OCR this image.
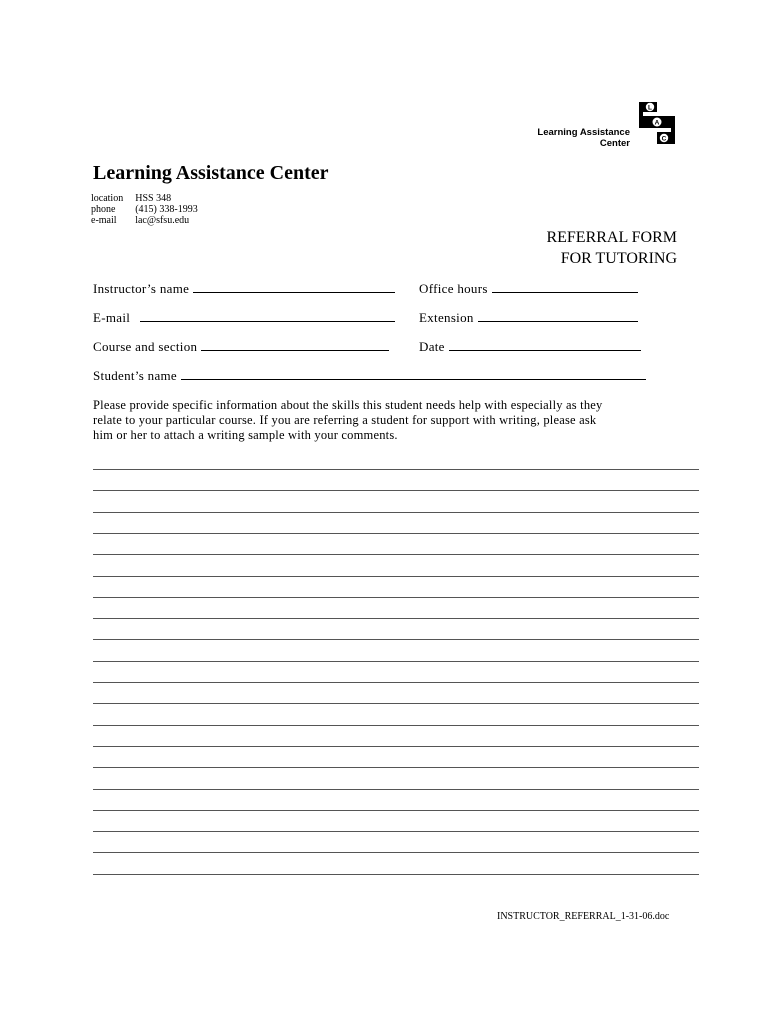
Learning Assistance
Center
L
A
C
Learning Assistance Center
location	HSS 348
phone	(415) 338-1993
e-mail	lac@sfsu.edu
REFERRAL FORM
FOR TUTORING
Instructor’s name	Office hours
E-mail	Extension
Course and section	Date
Student’s name
Please provide specific information about the skills this student needs help with especially as they
relate to your particular course. If you are referring a student for support with writing, please ask
him or her to attach a writing sample with your comments.
INSTRUCTOR_REFERRAL_1-31-06.doc
